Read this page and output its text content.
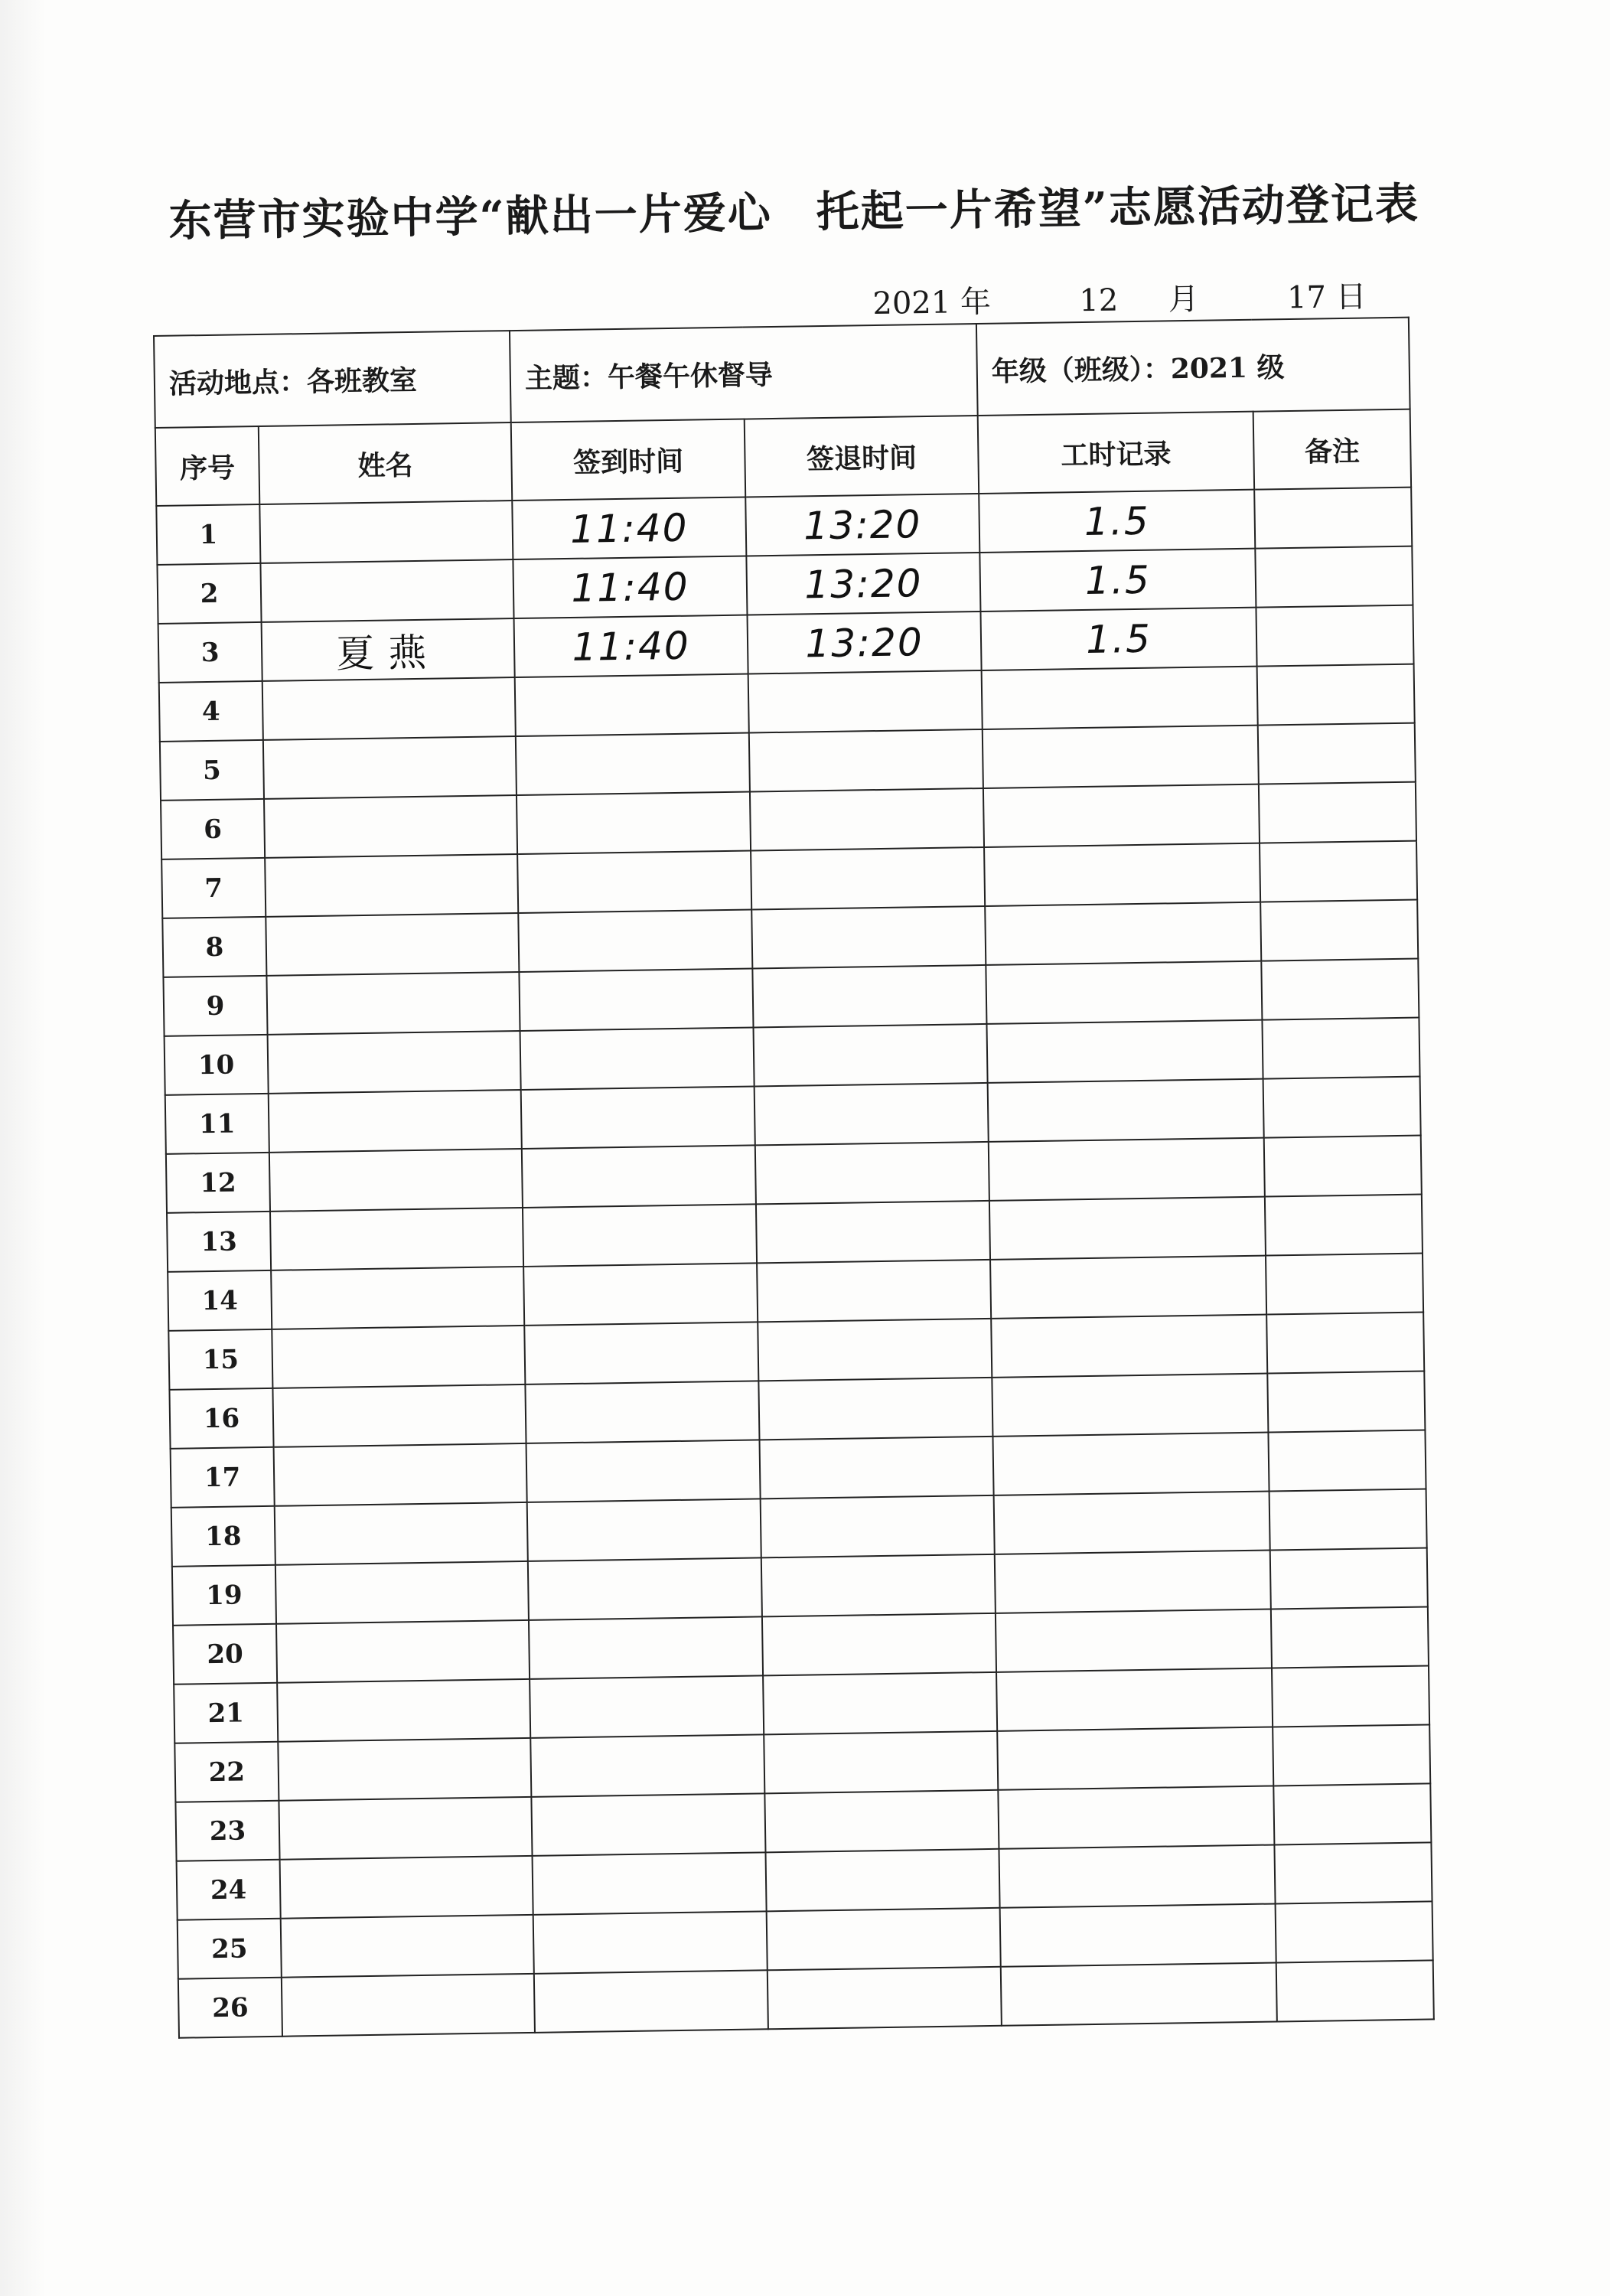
东营市实验中学“献出一片爱心　托起一片希望”志愿活动登记表
2021 年	12 月	17 日
活动地点：各班教室		主题：午餐午休督导		年级（班级）：2021 级	
序号	姓名	签到时间	签退时间	工时记录	备注
1		11:40	13:20	1.5	
2		11:40	13:20	1.5	
3	夏燕	11:40	13:20	1.5	
4					
5					
6					
7					
8					
9					
10					
11					
12					
13					
14					
15					
16					
17					
18					
19					
20					
21					
22					
23					
24					
25					
26					
